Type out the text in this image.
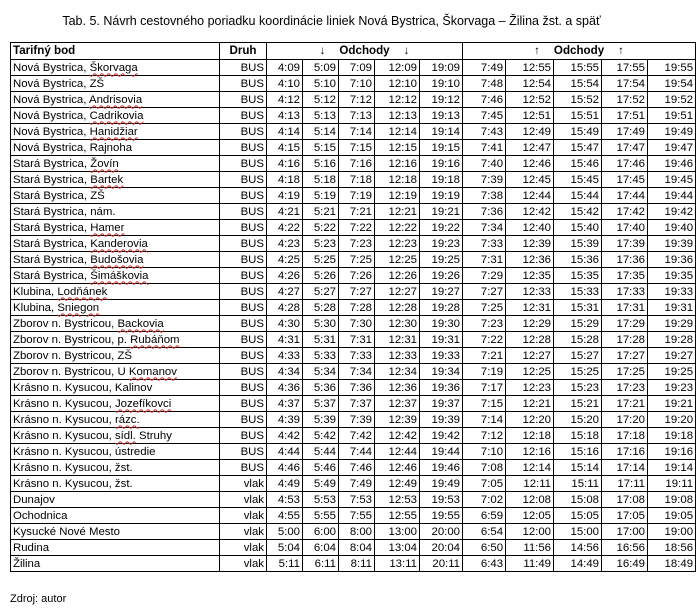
Tab. 5. Návrh cestovného poriadku koordinácie liniek Nová Bystrica, Škorvaga – Žilina žst. a späť
Tarifný bod	Druh	↓ Odchody ↓					↑ Odchody ↑				
Nová Bystrica, Škorvaga	BUS	4:09	5:09	7:09	12:09	19:09	7:49	12:55	15:55	17:55	19:55
Nová Bystrica, ZŠ	BUS	4:10	5:10	7:10	12:10	19:10	7:48	12:54	15:54	17:54	19:54
Nová Bystrica, Andrisovia	BUS	4:12	5:12	7:12	12:12	19:12	7:46	12:52	15:52	17:52	19:52
Nová Bystrica, Cadrikovia	BUS	4:13	5:13	7:13	12:13	19:13	7:45	12:51	15:51	17:51	19:51
Nová Bystrica, Hanidžiar	BUS	4:14	5:14	7:14	12:14	19:14	7:43	12:49	15:49	17:49	19:49
Nová Bystrica, Rajnoha	BUS	4:15	5:15	7:15	12:15	19:15	7:41	12:47	15:47	17:47	19:47
Stará Bystrica, Žovín	BUS	4:16	5:16	7:16	12:16	19:16	7:40	12:46	15:46	17:46	19:46
Stará Bystrica, Bartek	BUS	4:18	5:18	7:18	12:18	19:18	7:39	12:45	15:45	17:45	19:45
Stará Bystrica, ZŠ	BUS	4:19	5:19	7:19	12:19	19:19	7:38	12:44	15:44	17:44	19:44
Stará Bystrica, nám.	BUS	4:21	5:21	7:21	12:21	19:21	7:36	12:42	15:42	17:42	19:42
Stará Bystrica, Hamer	BUS	4:22	5:22	7:22	12:22	19:22	7:34	12:40	15:40	17:40	19:40
Stará Bystrica, Kanderovia	BUS	4:23	5:23	7:23	12:23	19:23	7:33	12:39	15:39	17:39	19:39
Stará Bystrica, Budošovia	BUS	4:25	5:25	7:25	12:25	19:25	7:31	12:36	15:36	17:36	19:36
Stará Bystrica, Šimáškovia	BUS	4:26	5:26	7:26	12:26	19:26	7:29	12:35	15:35	17:35	19:35
Klubina, Lodňánek	BUS	4:27	5:27	7:27	12:27	19:27	7:27	12:33	15:33	17:33	19:33
Klubina, Sniegon	BUS	4:28	5:28	7:28	12:28	19:28	7:25	12:31	15:31	17:31	19:31
Zborov n. Bystricou, Backovia	BUS	4:30	5:30	7:30	12:30	19:30	7:23	12:29	15:29	17:29	19:29
Zborov n. Bystricou, p. Rubáňom	BUS	4:31	5:31	7:31	12:31	19:31	7:22	12:28	15:28	17:28	19:28
Zborov n. Bystricou, ZŠ	BUS	4:33	5:33	7:33	12:33	19:33	7:21	12:27	15:27	17:27	19:27
Zborov n. Bystricou, U Komanov	BUS	4:34	5:34	7:34	12:34	19:34	7:19	12:25	15:25	17:25	19:25
Krásno n. Kysucou, Kalinov	BUS	4:36	5:36	7:36	12:36	19:36	7:17	12:23	15:23	17:23	19:23
Krásno n. Kysucou, Jozefíkovci	BUS	4:37	5:37	7:37	12:37	19:37	7:15	12:21	15:21	17:21	19:21
Krásno n. Kysucou, rázc.	BUS	4:39	5:39	7:39	12:39	19:39	7:14	12:20	15:20	17:20	19:20
Krásno n. Kysucou, sídl. Struhy	BUS	4:42	5:42	7:42	12:42	19:42	7:12	12:18	15:18	17:18	19:18
Krásno n. Kysucou, ústredie	BUS	4:44	5:44	7:44	12:44	19:44	7:10	12:16	15:16	17:16	19:16
Krásno n. Kysucou, žst.	BUS	4:46	5:46	7:46	12:46	19:46	7:08	12:14	15:14	17:14	19:14
Krásno n. Kysucou, žst.	vlak	4:49	5:49	7:49	12:49	19:49	7:05	12:11	15:11	17:11	19:11
Dunajov	vlak	4:53	5:53	7:53	12:53	19:53	7:02	12:08	15:08	17:08	19:08
Ochodnica	vlak	4:55	5:55	7:55	12:55	19:55	6:59	12:05	15:05	17:05	19:05
Kysucké Nové Mesto	vlak	5:00	6:00	8:00	13:00	20:00	6:54	12:00	15:00	17:00	19:00
Rudina	vlak	5:04	6:04	8:04	13:04	20:04	6:50	11:56	14:56	16:56	18:56
Žilina	vlak	5:11	6:11	8:11	13:11	20:11	6:43	11:49	14:49	16:49	18:49
Zdroj: autor
